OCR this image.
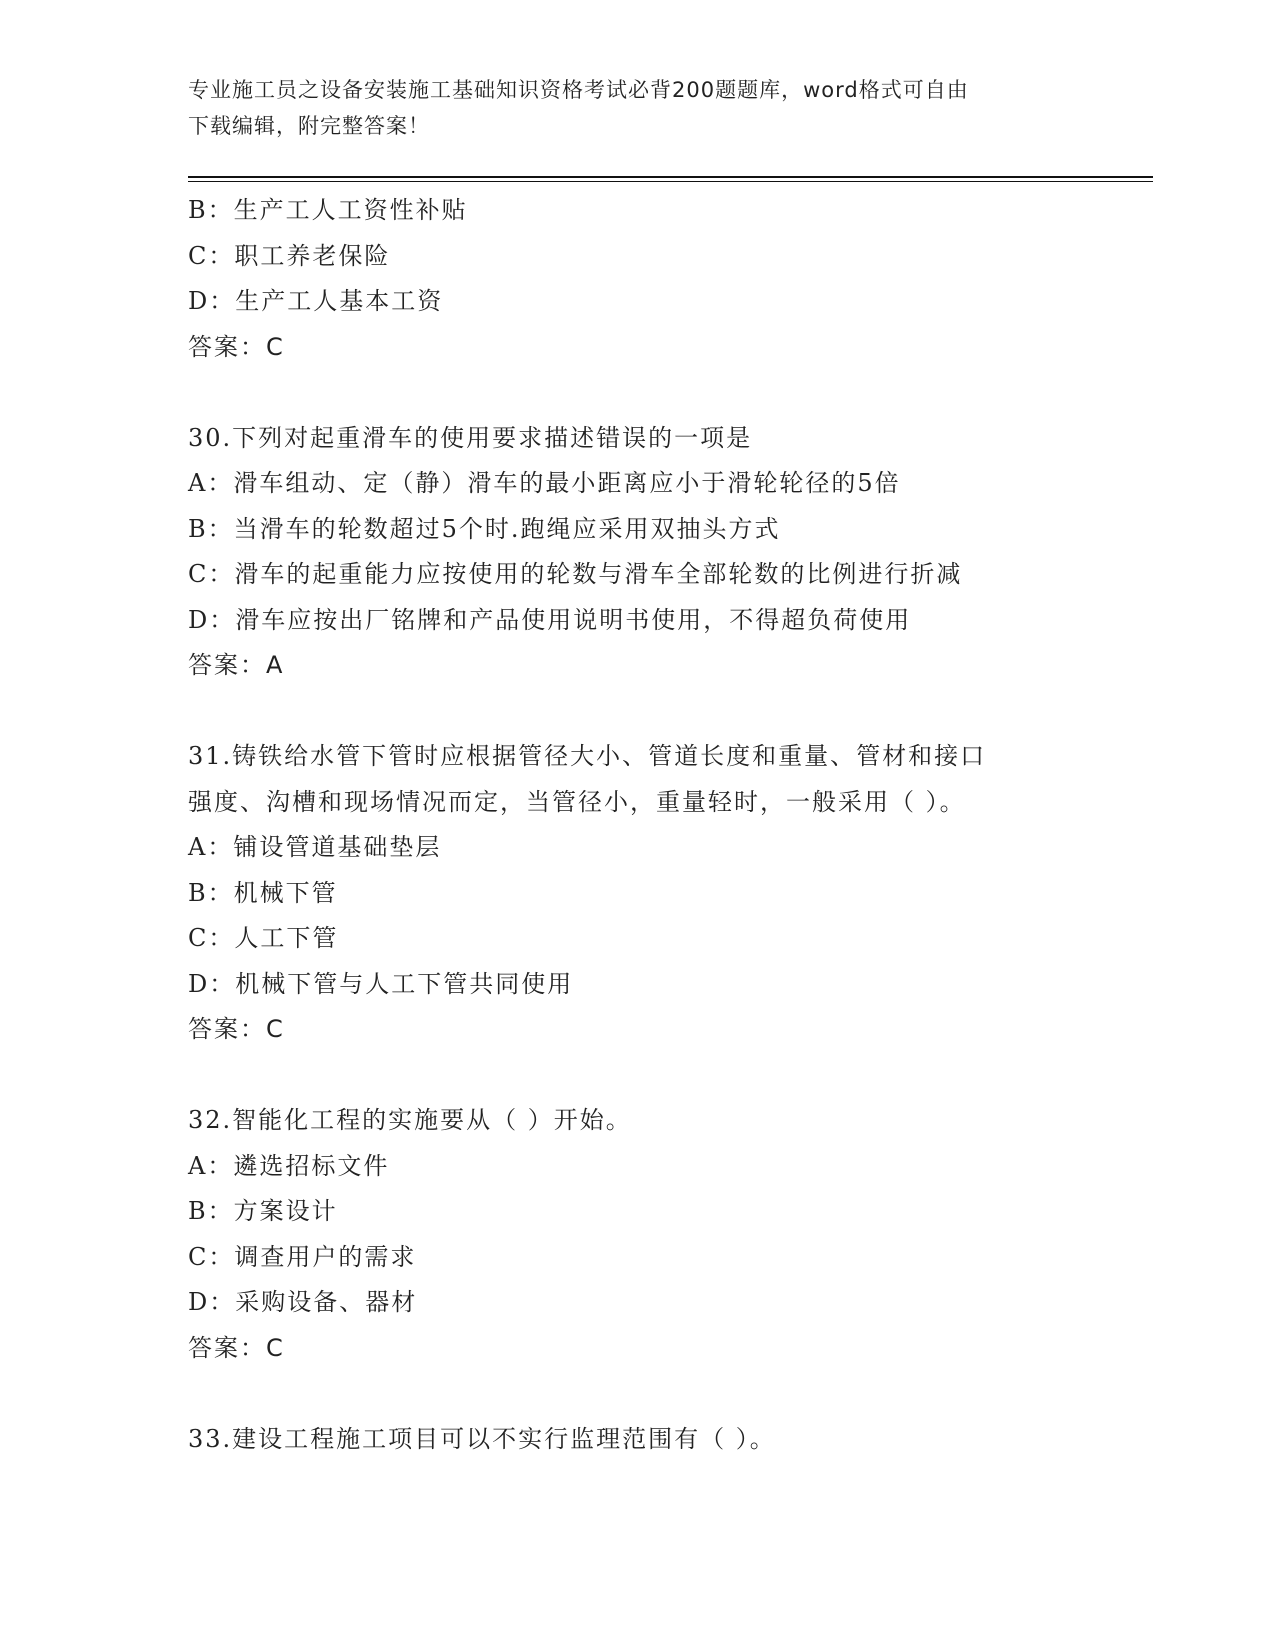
专业施工员之设备安装施工基础知识资格考试必背200题题库，word格式可自由
下载编辑，附完整答案！
B：生产工人工资性补贴
C：职工养老保险
D：生产工人基本工资
答案：C
30.下列对起重滑车的使用要求描述错误的一项是
A：滑车组动、定（静）滑车的最小距离应小于滑轮轮径的5倍
B：当滑车的轮数超过5个时.跑绳应采用双抽头方式
C：滑车的起重能力应按使用的轮数与滑车全部轮数的比例进行折减
D：滑车应按出厂铭牌和产品使用说明书使用，不得超负荷使用
答案：A
31.铸铁给水管下管时应根据管径大小、管道长度和重量、管材和接口
强度、沟槽和现场情况而定，当管径小，重量轻时，一般采用（ ）。
A：铺设管道基础垫层
B：机械下管
C：人工下管
D：机械下管与人工下管共同使用
答案：C
32.智能化工程的实施要从（ ）开始。
A：遴选招标文件
B：方案设计
C：调查用户的需求
D：采购设备、器材
答案：C
33.建设工程施工项目可以不实行监理范围有（ ）。
